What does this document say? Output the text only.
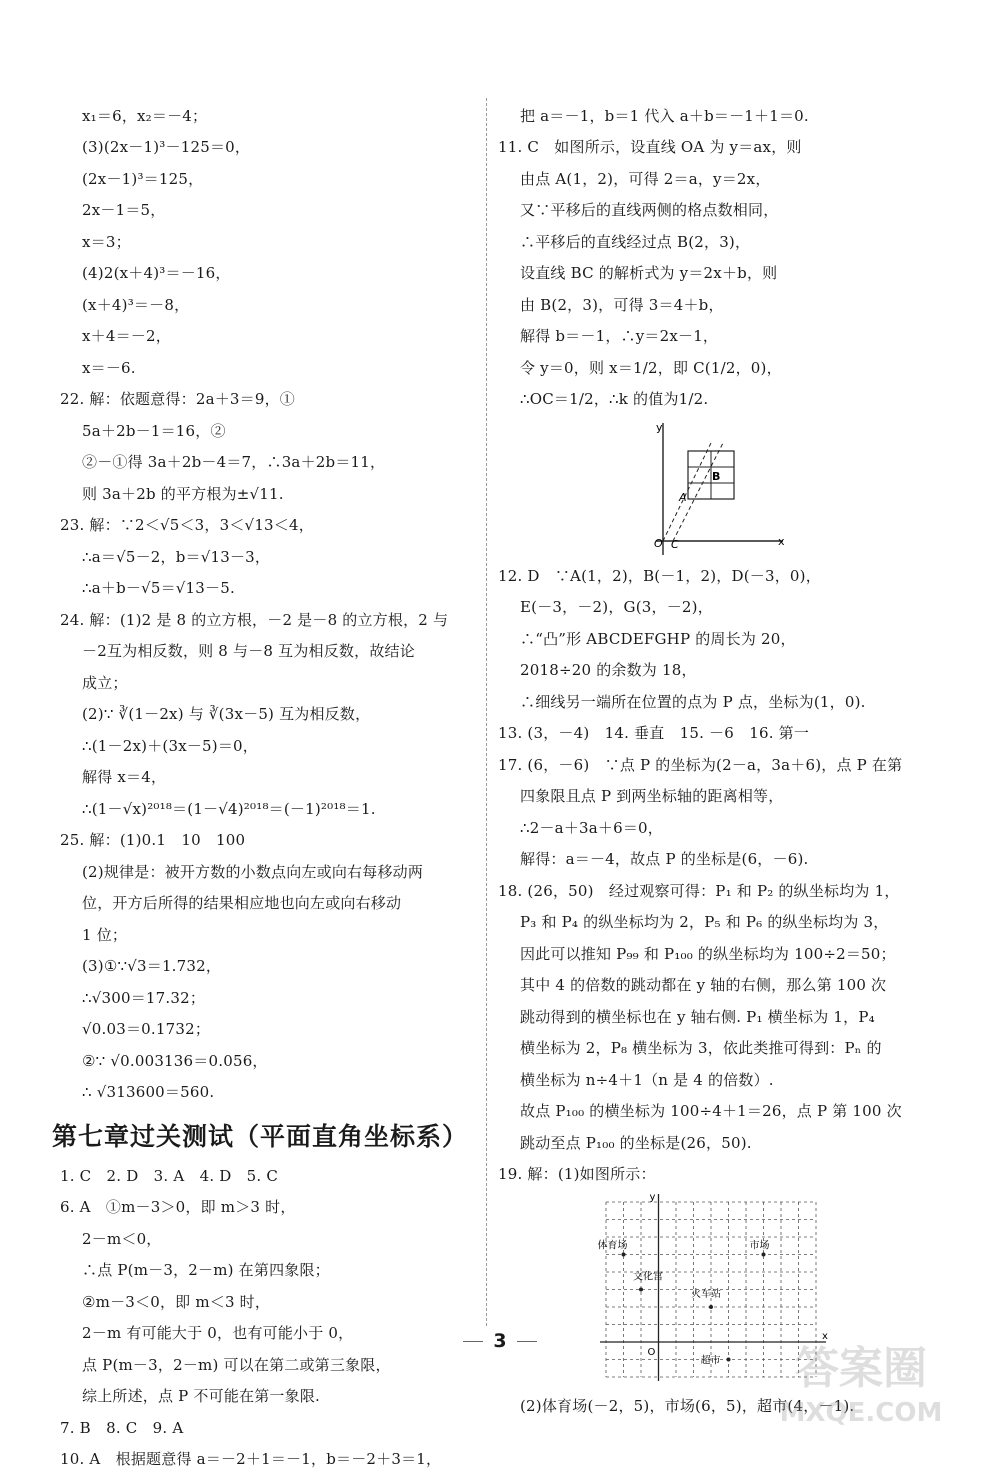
x₁＝6，x₂＝－4；
(3)(2x－1)³－125＝0，
(2x－1)³＝125，
2x－1＝5，
x＝3；
(4)2(x＋4)³＝－16，
(x＋4)³＝－8，
x＋4＝－2，
x＝－6.
22. 解：依题意得：2a＋3＝9，①
5a＋2b－1＝16，②
②－①得 3a＋2b－4＝7，∴3a＋2b＝11，
则 3a＋2b 的平方根为±√11.
23. 解：∵2＜√5＜3，3＜√13＜4，
∴a＝√5－2，b＝√13－3，
∴a＋b－√5＝√13－5.
24. 解：(1)2 是 8 的立方根，－2 是－8 的立方根，2 与
－2互为相反数，则 8 与－8 互为相反数，故结论
成立；
(2)∵ ∛(1－2x) 与 ∛(3x－5) 互为相反数，
∴(1－2x)＋(3x－5)＝0，
解得 x＝4，
∴(1－√x)²⁰¹⁸＝(1－√4)²⁰¹⁸＝(－1)²⁰¹⁸＝1.
25. 解：(1)0.1　10　100
(2)规律是：被开方数的小数点向左或向右每移动两
位，开方后所得的结果相应地也向左或向右移动
1 位；
(3)①∵√3＝1.732，
∴√300＝17.32；
√0.03＝0.1732；
②∵ √0.003136＝0.056，
∴ √313600＝560.
第七章过关测试（平面直角坐标系）
1. C　2. D　3. A　4. D　5. C
6. A　①m－3＞0，即 m＞3 时，
2－m＜0，
∴点 P(m－3，2－m) 在第四象限；
②m－3＜0，即 m＜3 时，
2－m 有可能大于 0，也有可能小于 0，
点 P(m－3，2－m) 可以在第二或第三象限，
综上所述，点 P 不可能在第一象限.
7. B　8. C　9. A
10. A　根据题意得 a＝－2＋1＝－1，b＝－2＋3＝1，
把 a＝－1，b＝1 代入 a＋b＝－1＋1＝0.
11. C　如图所示，设直线 OA 为 y＝ax，则
由点 A(1，2)，可得 2＝a，y＝2x，
又∵平移后的直线两侧的格点数相同，
∴平移后的直线经过点 B(2，3)，
设直线 BC 的解析式为 y＝2x＋b，则
由 B(2，3)，可得 3＝4＋b，
解得 b＝－1，∴y＝2x－1，
令 y＝0，则 x＝1/2，即 C(1/2，0)，
∴OC＝1/2，∴k 的值为1/2.
y
x
O C
A
B
12. D　∵A(1，2)，B(－1，2)，D(－3，0)，
E(－3，－2)，G(3，－2)，
∴“凸”形 ABCDEFGHP 的周长为 20，
2018÷20 的余数为 18，
∴细线另一端所在位置的点为 P 点，坐标为(1，0).
13. (3，－4)　14. 垂直　15. －6　16. 第一
17. (6，－6)　∵点 P 的坐标为(2－a，3a＋6)，点 P 在第
四象限且点 P 到两坐标轴的距离相等，
∴2－a＋3a＋6＝0，
解得：a＝－4，故点 P 的坐标是(6，－6).
18. (26，50)　经过观察可得：P₁ 和 P₂ 的纵坐标均为 1，
P₃ 和 P₄ 的纵坐标均为 2，P₅ 和 P₆ 的纵坐标均为 3，
因此可以推知 P₉₉ 和 P₁₀₀ 的纵坐标均为 100÷2＝50；
其中 4 的倍数的跳动都在 y 轴的右侧，那么第 100 次
跳动得到的横坐标也在 y 轴右侧. P₁ 横坐标为 1，P₄
横坐标为 2，P₈ 横坐标为 3，依此类推可得到：Pₙ 的
横坐标为 n÷4＋1（n 是 4 的倍数）.
故点 P₁₀₀ 的横坐标为 100÷4＋1＝26，点 P 第 100 次
跳动至点 P₁₀₀ 的坐标是(26，50).
19. 解：(1)如图所示：
y
x
O
体育场	市场
文化宫
火车站
超市
(2)体育场(－2，5)，市场(6，5)，超市(4，－1).
3
答案圈
MXQE.COM
